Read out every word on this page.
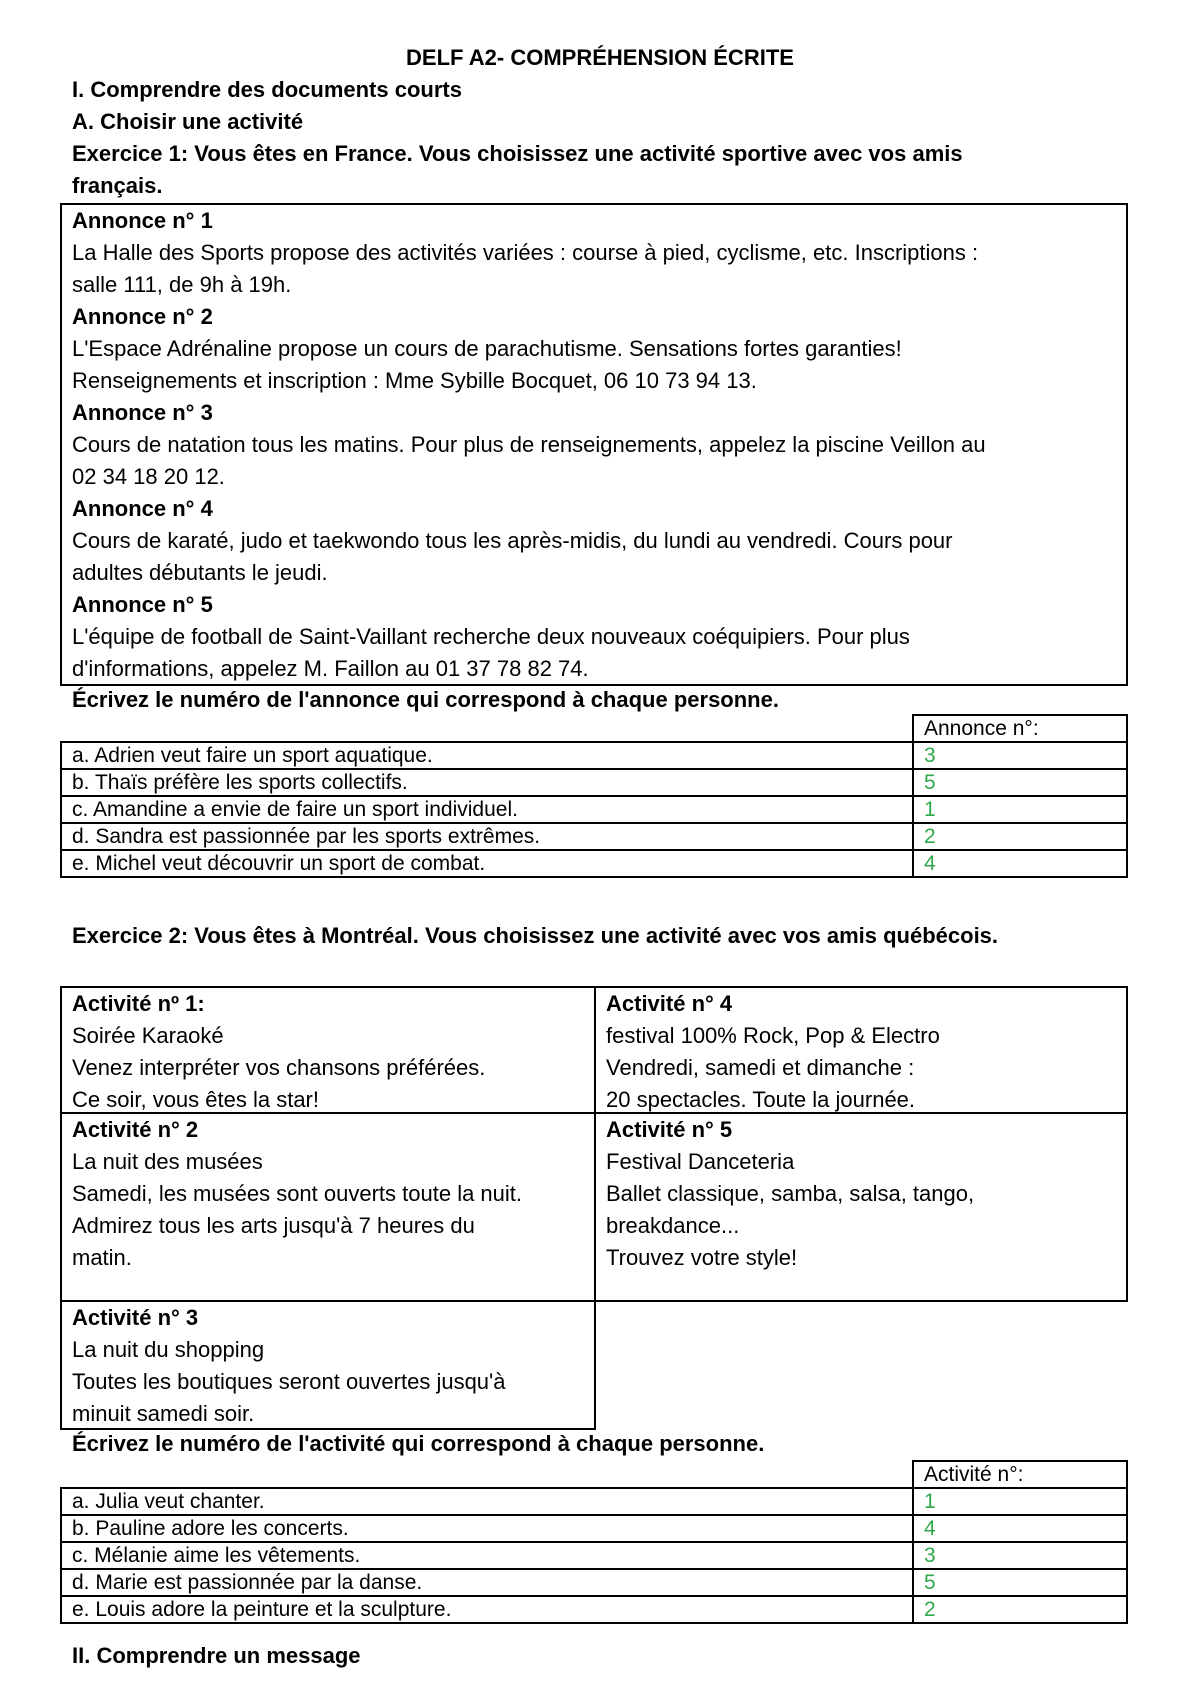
DELF A2- COMPRÉHENSION ÉCRITE
I. Comprendre des documents courts
A. Choisir une activité
Exercice 1: Vous êtes en France. Vous choisissez une activité sportive avec vos amis
français.
Annonce n° 1
La Halle des Sports propose des activités variées : course à pied, cyclisme, etc. Inscriptions :
salle 111, de 9h à 19h.
Annonce n° 2
L'Espace Adrénaline propose un cours de parachutisme. Sensations fortes garanties!
Renseignements et inscription : Mme Sybille Bocquet, 06 10 73 94 13.
Annonce n° 3
Cours de natation tous les matins. Pour plus de renseignements, appelez la piscine Veillon au
02 34 18 20 12.
Annonce n° 4
Cours de karaté, judo et taekwondo tous les après-midis, du lundi au vendredi. Cours pour
adultes débutants le jeudi.
Annonce n° 5
L'équipe de football de Saint-Vaillant recherche deux nouveaux coéquipiers. Pour plus
d'informations, appelez M. Faillon au 01 37 78 82 74.
Écrivez le numéro de l'annonce qui correspond à chaque personne.
	Annonce n°:
a. Adrien veut faire un sport aquatique.	3
b. Thaïs préfère les sports collectifs.	5
c. Amandine a envie de faire un sport individuel.	1
d. Sandra est passionnée par les sports extrêmes.	2
e. Michel veut découvrir un sport de combat.	4
Exercice 2: Vous êtes à Montréal. Vous choisissez une activité avec vos amis québécois.
Activité nº 1:
Soirée Karaoké
Venez interpréter vos chansons préférées.
Ce soir, vous êtes la star!
Activité n° 4
festival 100% Rock, Pop & Electro
Vendredi, samedi et dimanche :
20 spectacles. Toute la journée.
Activité n° 2
La nuit des musées
Samedi, les musées sont ouverts toute la nuit.
Admirez tous les arts jusqu'à 7 heures du
matin.
Activité n° 5
Festival Danceteria
Ballet classique, samba, salsa, tango,
breakdance...
Trouvez votre style!
Activité n° 3
La nuit du shopping
Toutes les boutiques seront ouvertes jusqu'à
minuit samedi soir.
Écrivez le numéro de l'activité qui correspond à chaque personne.
	Activité n°:
a. Julia veut chanter.	1
b. Pauline adore les concerts.	4
c. Mélanie aime les vêtements.	3
d. Marie est passionnée par la danse.	5
e. Louis adore la peinture et la sculpture.	2
II. Comprendre un message
